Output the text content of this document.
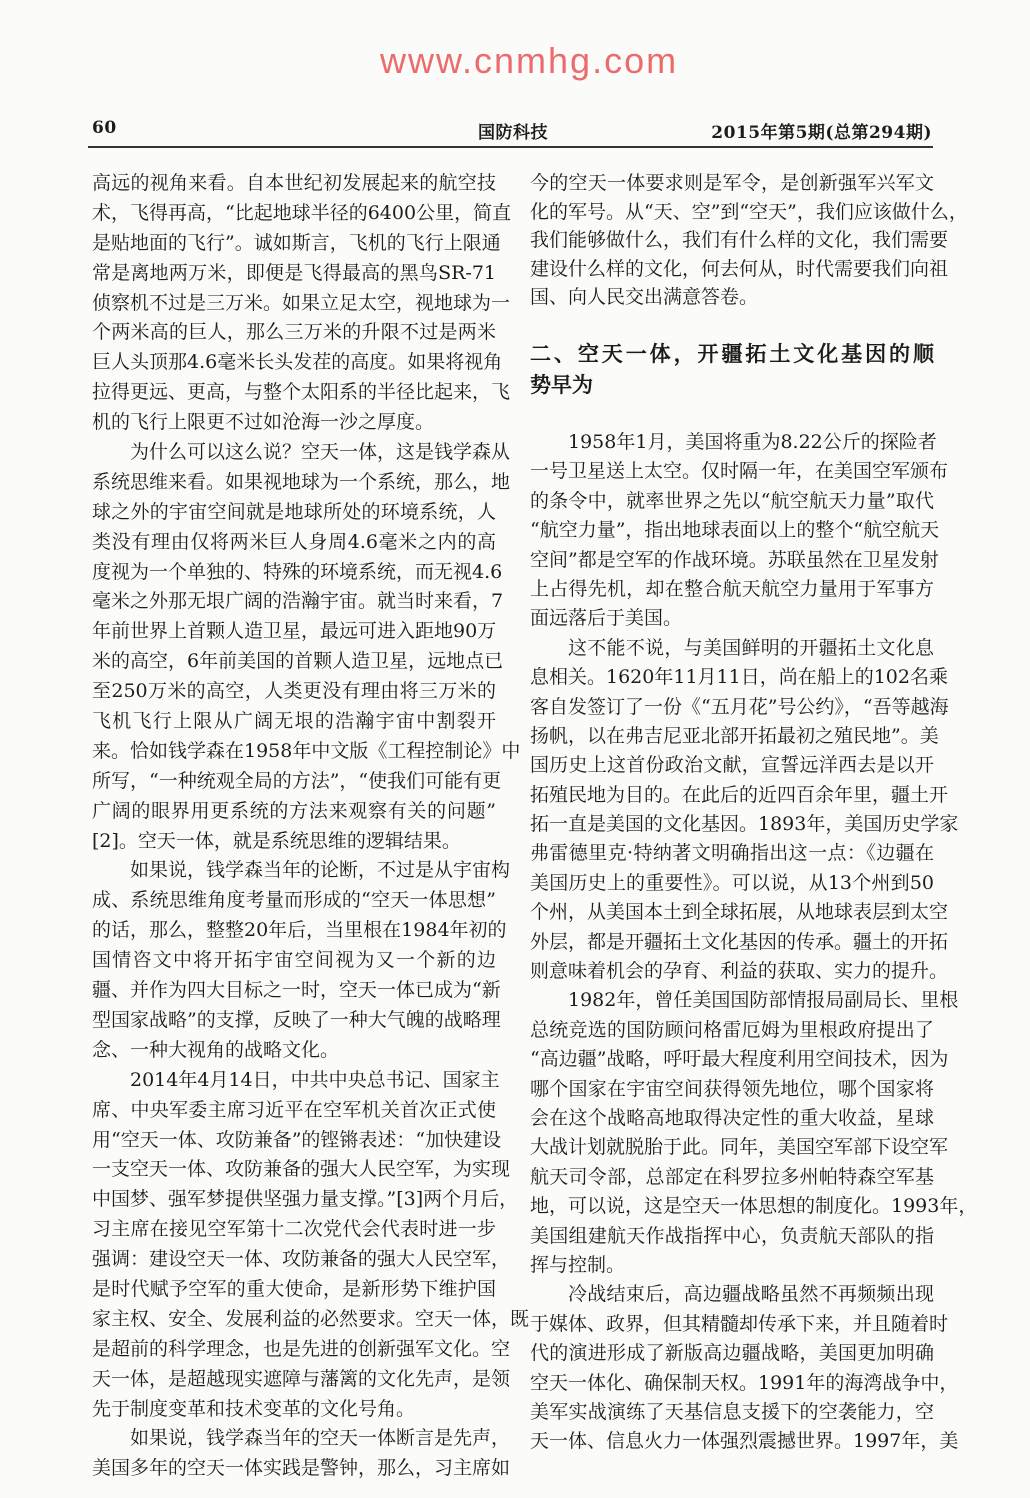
60	国防科技	2015年第5期(总第294期)
高远的视角来看。自本世纪初发展起来的航空技
术，飞得再高，“比起地球半径的6400公里，简直
是贴地面的飞行”。诚如斯言，飞机的飞行上限通
常是离地两万米，即便是飞得最高的黑鸟SR-71
侦察机不过是三万米。如果立足太空，视地球为一
个两米高的巨人，那么三万米的升限不过是两米
巨人头顶那4.6毫米长头发茬的高度。如果将视角
拉得更远、更高，与整个太阳系的半径比起来，飞
机的飞行上限更不过如沧海一沙之厚度。
为什么可以这么说？空天一体，这是钱学森从
系统思维来看。如果视地球为一个系统，那么，地
球之外的宇宙空间就是地球所处的环境系统，人
类没有理由仅将两米巨人身周4.6毫米之内的高
度视为一个单独的、特殊的环境系统，而无视4.6
毫米之外那无垠广阔的浩瀚宇宙。就当时来看，7
年前世界上首颗人造卫星，最远可进入距地90万
米的高空，6年前美国的首颗人造卫星，远地点已
至250万米的高空，人类更没有理由将三万米的
飞机飞行上限从广阔无垠的浩瀚宇宙中割裂开
来。恰如钱学森在1958年中文版《工程控制论》中
所写，“一种统观全局的方法”，“使我们可能有更
广阔的眼界用更系统的方法来观察有关的问题”
[2]。空天一体，就是系统思维的逻辑结果。
如果说，钱学森当年的论断，不过是从宇宙构
成、系统思维角度考量而形成的“空天一体思想”
的话，那么，整整20年后，当里根在1984年初的
国情咨文中将开拓宇宙空间视为又一个新的边
疆、并作为四大目标之一时，空天一体已成为“新
型国家战略”的支撑，反映了一种大气魄的战略理
念、一种大视角的战略文化。
2014年4月14日，中共中央总书记、国家主
席、中央军委主席习近平在空军机关首次正式使
用“空天一体、攻防兼备”的铿锵表述：“加快建设
一支空天一体、攻防兼备的强大人民空军，为实现
中国梦、强军梦提供坚强力量支撑。”[3]两个月后，
习主席在接见空军第十二次党代会代表时进一步
强调：建设空天一体、攻防兼备的强大人民空军，
是时代赋予空军的重大使命，是新形势下维护国
家主权、安全、发展利益的必然要求。空天一体，既
是超前的科学理念，也是先进的创新强军文化。空
天一体，是超越现实遮障与藩篱的文化先声，是领
先于制度变革和技术变革的文化号角。
如果说，钱学森当年的空天一体断言是先声，
美国多年的空天一体实践是警钟，那么，习主席如
今的空天一体要求则是军令，是创新强军兴军文
化的军号。从“天、空”到“空天”，我们应该做什么，
我们能够做什么，我们有什么样的文化，我们需要
建设什么样的文化，何去何从，时代需要我们向祖
国、向人民交出满意答卷。
二、空天一体，开疆拓土文化基因的顺
势早为
1958年1月，美国将重为8.22公斤的探险者
一号卫星送上太空。仅时隔一年，在美国空军颁布
的条令中，就率世界之先以“航空航天力量”取代
“航空力量”，指出地球表面以上的整个“航空航天
空间”都是空军的作战环境。苏联虽然在卫星发射
上占得先机，却在整合航天航空力量用于军事方
面远落后于美国。
这不能不说，与美国鲜明的开疆拓土文化息
息相关。1620年11月11日，尚在船上的102名乘
客自发签订了一份《“五月花”号公约》，“吾等越海
扬帆，以在弗吉尼亚北部开拓最初之殖民地”。美
国历史上这首份政治文献，宣誓远洋西去是以开
拓殖民地为目的。在此后的近四百余年里，疆土开
拓一直是美国的文化基因。1893年，美国历史学家
弗雷德里克·特纳著文明确指出这一点：《边疆在
美国历史上的重要性》。可以说，从13个州到50
个州，从美国本土到全球拓展，从地球表层到太空
外层，都是开疆拓土文化基因的传承。疆土的开拓
则意味着机会的孕育、利益的获取、实力的提升。
1982年，曾任美国国防部情报局副局长、里根
总统竞选的国防顾问格雷厄姆为里根政府提出了
“高边疆”战略，呼吁最大程度利用空间技术，因为
哪个国家在宇宙空间获得领先地位，哪个国家将
会在这个战略高地取得决定性的重大收益，星球
大战计划就脱胎于此。同年，美国空军部下设空军
航天司令部，总部定在科罗拉多州帕特森空军基
地，可以说，这是空天一体思想的制度化。1993年，
美国组建航天作战指挥中心，负责航天部队的指
挥与控制。
冷战结束后，高边疆战略虽然不再频频出现
于媒体、政界，但其精髓却传承下来，并且随着时
代的演进形成了新版高边疆战略，美国更加明确
空天一体化、确保制天权。1991年的海湾战争中，
美军实战演练了天基信息支援下的空袭能力，空
天一体、信息火力一体强烈震撼世界。1997年，美
www.cnmhg.com
